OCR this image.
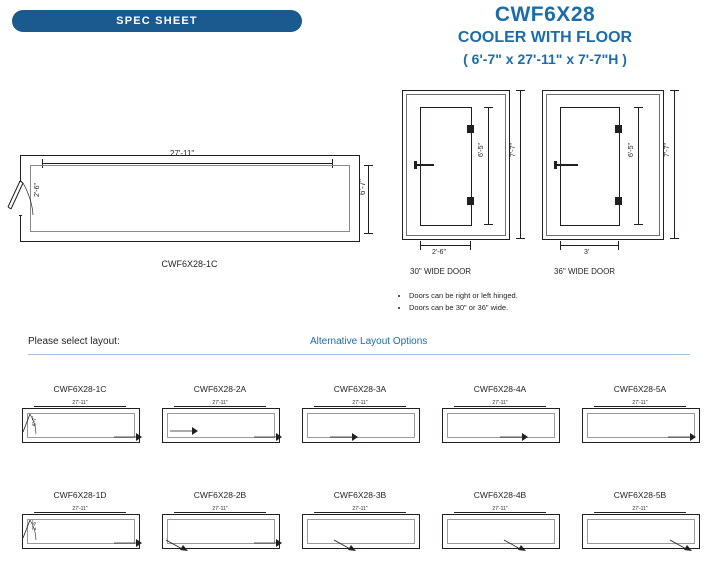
SPEC SHEET	CWF6X28
COOLER WITH FLOOR
( 6'-7" x 27'-11" x 7'-7"H )
27'-11"
2'-6"	6'-7"
CWF6X28-1C
6'-5"	7'-7"
2'-6"
30" WIDE DOOR
6'-5"	7'-7"
3'
36" WIDE DOOR
• Doors can be right or left hinged.
• Doors can be 30" or 36" wide.
Please select layout:	Alternative Layout Options
CWF6X28-1C
27'-11"
6'-7"
CWF6X28-2A
27'-11"
CWF6X28-3A
27'-11"
CWF6X28-4A
27'-11"
CWF6X28-5A
27'-11"
CWF6X28-1D
27'-11"
2'-6"
CWF6X28-2B
27'-11"
CWF6X28-3B
27'-11"
CWF6X28-4B
27'-11"
CWF6X28-5B
27'-11"
